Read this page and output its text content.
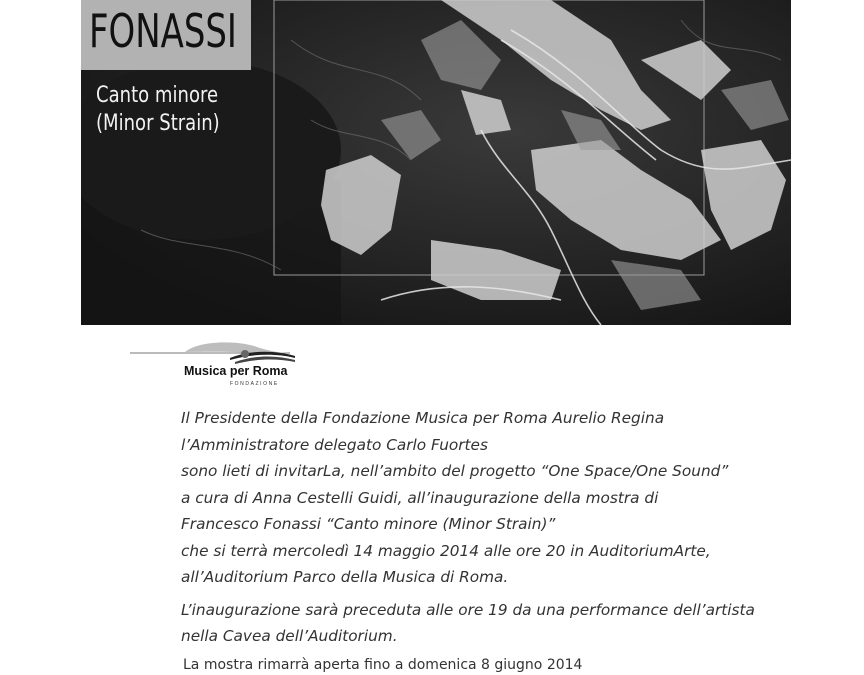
FONASSI
Canto minore
(Minor Strain)
Musica per Roma
FONDAZIONE
Il Presidente della Fondazione Musica per Roma Aurelio Regina
l’Amministratore delegato Carlo Fuortes
sono lieti di invitarLa, nell’ambito del progetto “One Space/One Sound”
a cura di Anna Cestelli Guidi, all’inaugurazione della mostra di
Francesco Fonassi “Canto minore (Minor Strain)”
che si terrà mercoledì 14 maggio 2014 alle ore 20 in AuditoriumArte,
all’Auditorium Parco della Musica di Roma.
L’inaugurazione sarà preceduta alle ore 19 da una performance dell’artista
nella Cavea dell’Auditorium.
La mostra rimarrà aperta fino a domenica 8 giugno 2014
